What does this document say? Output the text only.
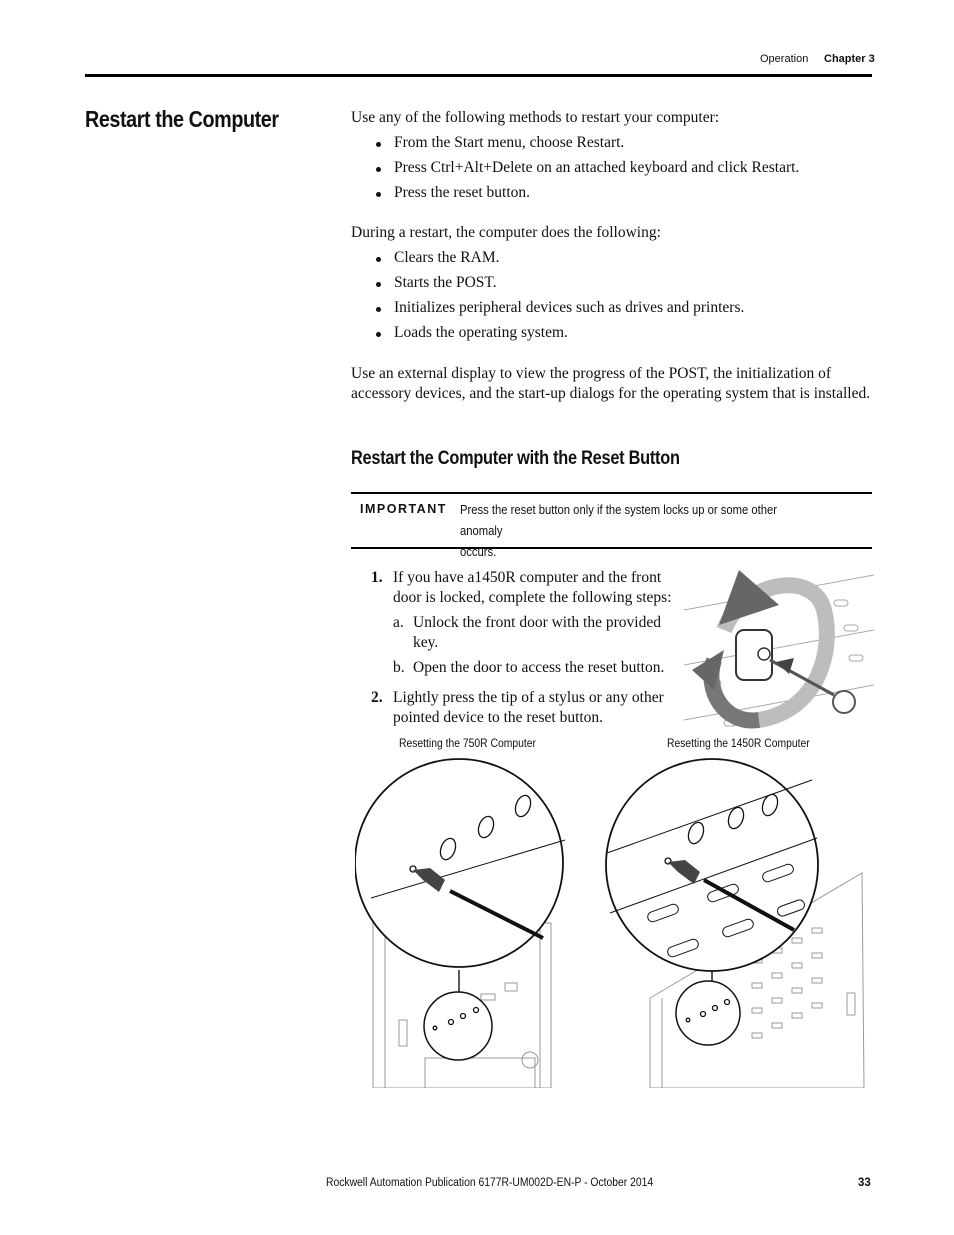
Operation Chapter 3
Restart the Computer	Use any of the following methods to restart your computer:
From the Start menu, choose Restart.
Press Ctrl+Alt+Delete on an attached keyboard and click Restart.
Press the reset button.
During a restart, the computer does the following:
Clears the RAM.
Starts the POST.
Initializes peripheral devices such as drives and printers.
Loads the operating system.
Use an external display to view the progress of the POST, the initialization of
accessory devices, and the start-up dialogs for the operating system that is installed.
Restart the Computer with the Reset Button
IMPORTANT Press the reset button only if the system locks up or some other anomaly
occurs.
1. If you have a1450R computer and the front
door is locked, complete the following steps:
a. Unlock the front door with the provided
key.
b. Open the door to access the reset button.
2. Lightly press the tip of a stylus or any other
pointed device to the reset button.
Resetting the 750R Computer	Resetting the 1450R Computer
Rockwell Automation Publication 6177R-UM002D-EN-P - October 2014	33
